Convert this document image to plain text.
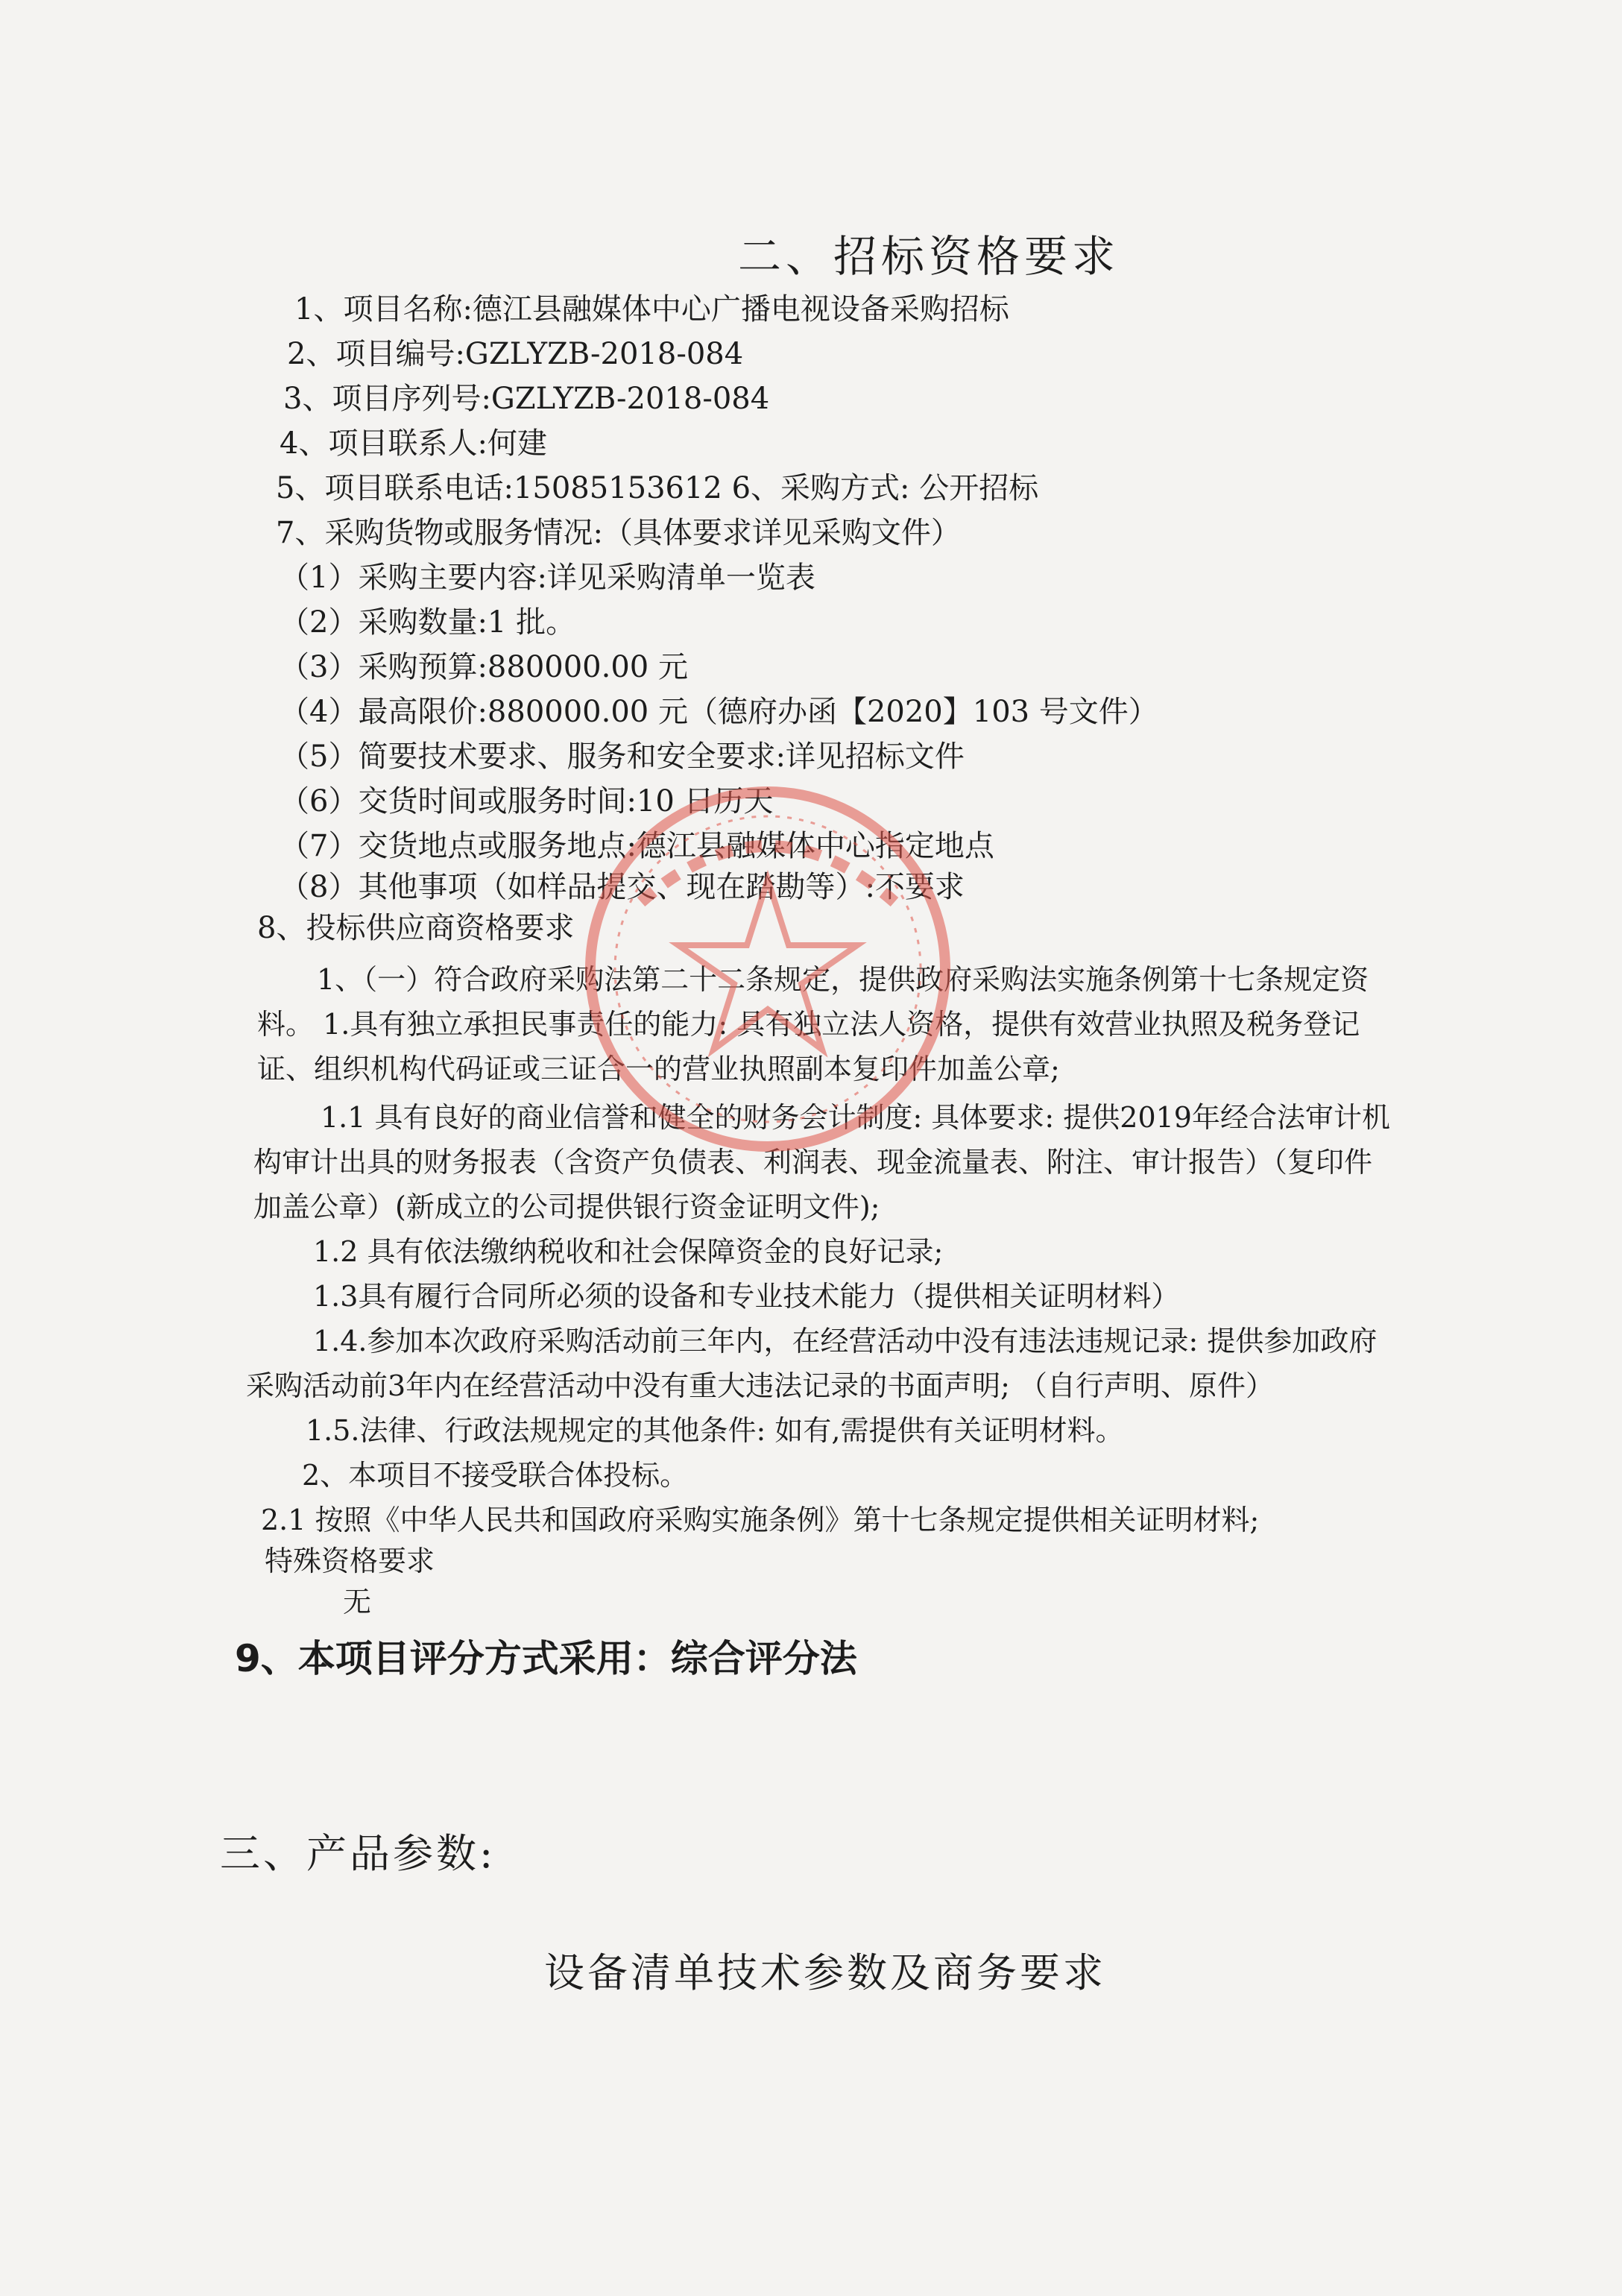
二、招标资格要求
1、项目名称:德江县融媒体中心广播电视设备采购招标
2、项目编号:GZLYZB-2018-084
3、项目序列号:GZLYZB-2018-084
4、项目联系人:何建
5、项目联系电话:15085153612 6、采购方式: 公开招标
7、采购货物或服务情况:（具体要求详见采购文件）
（1）采购主要内容:详见采购清单一览表
（2）采购数量:1 批。
（3）采购预算:880000.00 元
（4）最高限价:880000.00 元（德府办函【2020】103 号文件）
（5）简要技术要求、服务和安全要求:详见招标文件
（6）交货时间或服务时间:10 日历天
（7）交货地点或服务地点:德江县融媒体中心指定地点
（8）其他事项（如样品提交、现在踏勘等）:不要求
8、投标供应商资格要求
1、（一）符合政府采购法第二十二条规定，提供政府采购法实施条例第十七条规定资
料。 1.具有独立承担民事责任的能力: 具有独立法人资格，提供有效营业执照及税务登记
证、组织机构代码证或三证合一的营业执照副本复印件加盖公章;
1.1 具有良好的商业信誉和健全的财务会计制度: 具体要求: 提供2019年经合法审计机
构审计出具的财务报表（含资产负债表、利润表、现金流量表、附注、审计报告）（复印件
加盖公章）(新成立的公司提供银行资金证明文件);
1.2 具有依法缴纳税收和社会保障资金的良好记录;
1.3具有履行合同所必须的设备和专业技术能力（提供相关证明材料）
1.4.参加本次政府采购活动前三年内，在经营活动中没有违法违规记录: 提供参加政府
采购活动前3年内在经营活动中没有重大违法记录的书面声明; （自行声明、原件）
1.5.法律、行政法规规定的其他条件: 如有,需提供有关证明材料。
2、本项目不接受联合体投标。
2.1 按照《中华人民共和国政府采购实施条例》第十七条规定提供相关证明材料;
特殊资格要求
无
9、本项目评分方式采用：综合评分法
三、产品参数:
设备清单技术参数及商务要求
